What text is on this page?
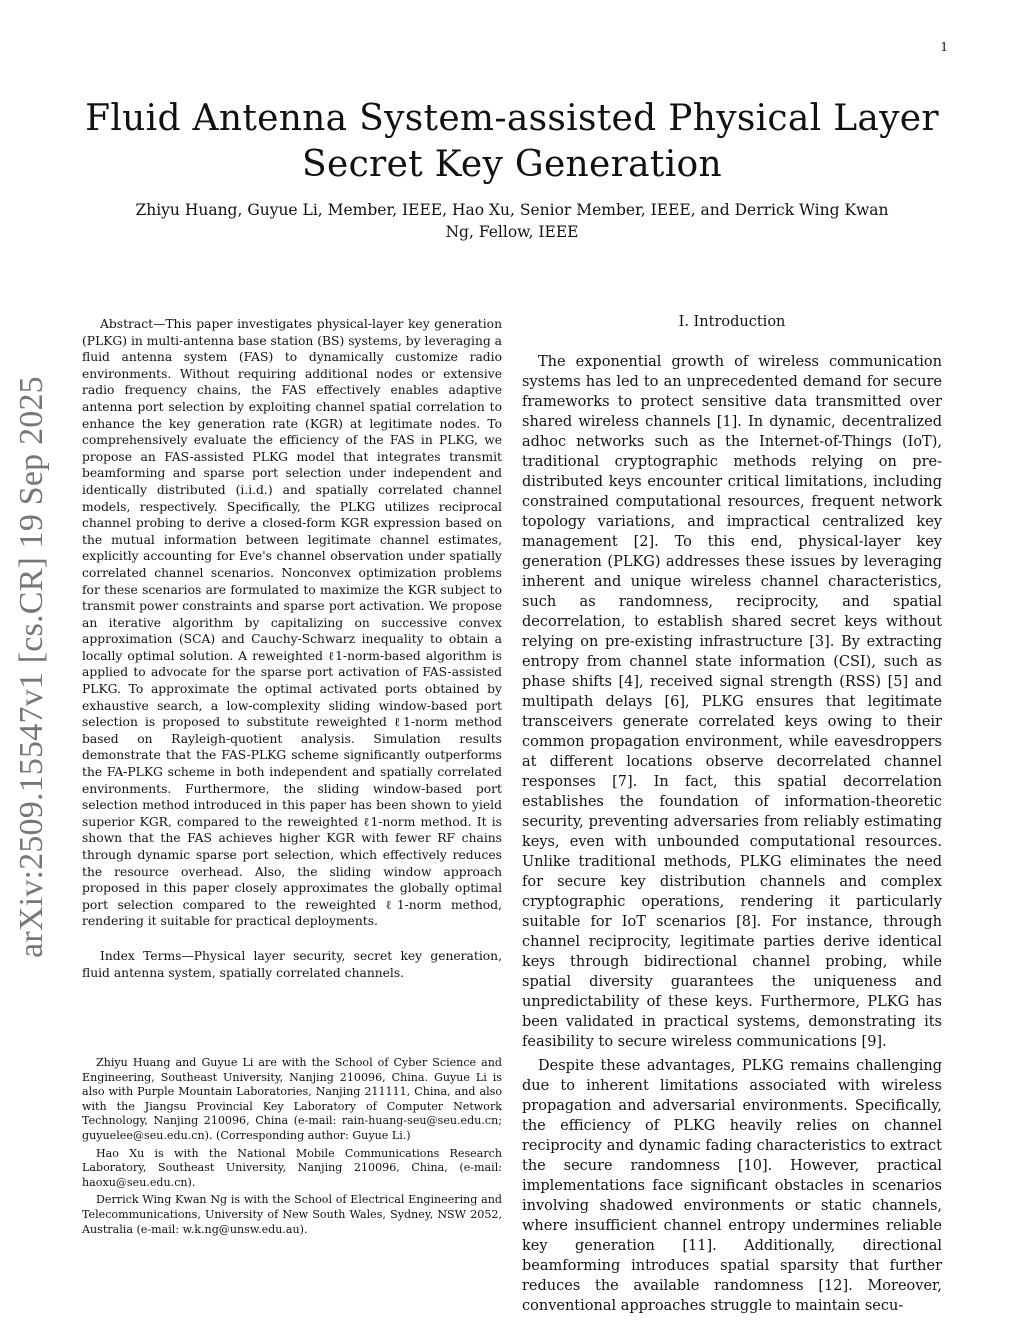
1
arXiv:2509.15547v1 [cs.CR] 19 Sep 2025
Fluid Antenna System-assisted Physical Layer
Secret Key Generation
Zhiyu Huang, Guyue Li, Member, IEEE, Hao Xu, Senior Member, IEEE, and Derrick Wing Kwan
Ng, Fellow, IEEE

Abstract—This paper investigates physical-layer key generation (PLKG) in multi-antenna base station (BS) systems, by leveraging a fluid antenna system (FAS) to dynamically customize radio environments. Without requiring additional nodes or extensive radio frequency chains, the FAS effectively enables adaptive antenna port selection by exploiting channel spatial correlation to enhance the key generation rate (KGR) at legitimate nodes. To comprehensively evaluate the efficiency of the FAS in PLKG, we propose an FAS-assisted PLKG model that integrates transmit beamforming and sparse port selection under independent and identically distributed (i.i.d.) and spatially correlated channel models, respectively. Specifically, the PLKG utilizes reciprocal channel probing to derive a closed-form KGR expression based on the mutual information between legitimate channel estimates, explicitly accounting for Eve's channel observation under spatially correlated channel scenarios. Nonconvex optimization problems for these scenarios are formulated to maximize the KGR subject to transmit power constraints and sparse port activation. We propose an iterative algorithm by capitalizing on successive convex approximation (SCA) and Cauchy-Schwarz inequality to obtain a locally optimal solution. A reweighted ℓ1-norm-based algorithm is applied to advocate for the sparse port activation of FAS-assisted PLKG. To approximate the optimal activated ports obtained by exhaustive search, a low-complexity sliding window-based port selection is proposed to substitute reweighted ℓ1-norm method based on Rayleigh-quotient analysis. Simulation results demonstrate that the FAS-PLKG scheme significantly outperforms the FA-PLKG scheme in both independent and spatially correlated environments. Furthermore, the sliding window-based port selection method introduced in this paper has been shown to yield superior KGR, compared to the reweighted ℓ1-norm method. It is shown that the FAS achieves higher KGR with fewer RF chains through dynamic sparse port selection, which effectively reduces the resource overhead. Also, the sliding window approach proposed in this paper closely approximates the globally optimal port selection compared to the reweighted ℓ1-norm method, rendering it suitable for practical deployments.

Index Terms—Physical layer security, secret key generation, fluid antenna system, spatially correlated channels.

Zhiyu Huang and Guyue Li are with the School of Cyber Science and Engineering, Southeast University, Nanjing 210096, China. Guyue Li is also with Purple Mountain Laboratories, Nanjing 211111, China, and also with the Jiangsu Provincial Key Laboratory of Computer Network Technology, Nanjing 210096, China (e-mail: rain-huang-seu@seu.edu.cn; guyuelee@seu.edu.cn). (Corresponding author: Guyue Li.)

Hao Xu is with the National Mobile Communications Research Laboratory, Southeast University, Nanjing 210096, China, (e-mail: haoxu@seu.edu.cn).

Derrick Wing Kwan Ng is with the School of Electrical Engineering and Telecommunications, University of New South Wales, Sydney, NSW 2052, Australia (e-mail: w.k.ng@unsw.edu.au).

I. Introduction

The exponential growth of wireless communication systems has led to an unprecedented demand for secure frameworks to protect sensitive data transmitted over shared wireless channels [1]. In dynamic, decentralized adhoc networks such as the Internet-of-Things (IoT), traditional cryptographic methods relying on pre-distributed keys encounter critical limitations, including constrained computational resources, frequent network topology variations, and impractical centralized key management [2]. To this end, physical-layer key generation (PLKG) addresses these issues by leveraging inherent and unique wireless channel characteristics, such as randomness, reciprocity, and spatial decorrelation, to establish shared secret keys without relying on pre-existing infrastructure [3]. By extracting entropy from channel state information (CSI), such as phase shifts [4], received signal strength (RSS) [5] and multipath delays [6], PLKG ensures that legitimate transceivers generate correlated keys owing to their common propagation environment, while eavesdroppers at different locations observe decorrelated channel responses [7]. In fact, this spatial decorrelation establishes the foundation of information-theoretic security, preventing adversaries from reliably estimating keys, even with unbounded computational resources. Unlike traditional methods, PLKG eliminates the need for secure key distribution channels and complex cryptographic operations, rendering it particularly suitable for IoT scenarios [8]. For instance, through channel reciprocity, legitimate parties derive identical keys through bidirectional channel probing, while spatial diversity guarantees the uniqueness and unpredictability of these keys. Furthermore, PLKG has been validated in practical systems, demonstrating its feasibility to secure wireless communications [9].

Despite these advantages, PLKG remains challenging due to inherent limitations associated with wireless propagation and adversarial environments. Specifically, the efficiency of PLKG heavily relies on channel reciprocity and dynamic fading characteristics to extract the secure randomness [10]. However, practical implementations face significant obstacles in scenarios involving shadowed environments or static channels, where insufficient channel entropy undermines reliable key generation [11]. Additionally, directional beamforming introduces spatial sparsity that further reduces the available randomness [12]. Moreover, conventional approaches struggle to maintain secu-
